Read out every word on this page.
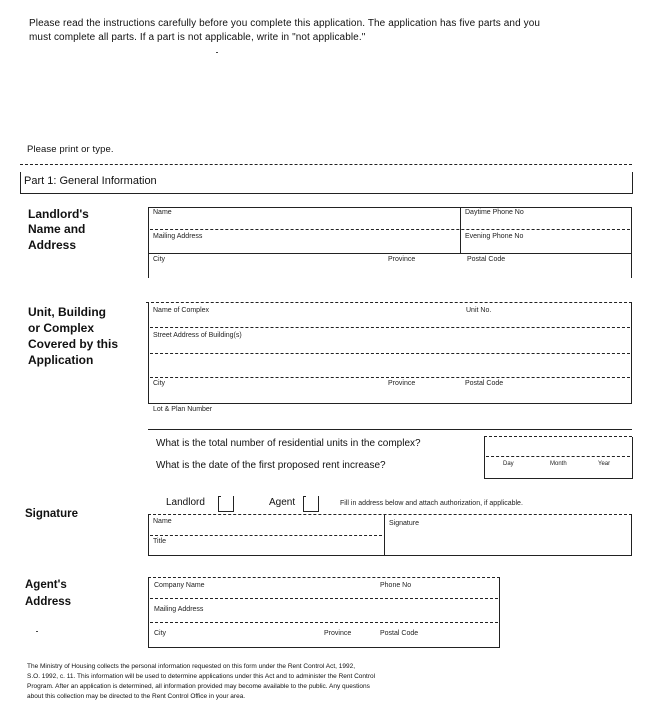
Please read the instructions carefully before you complete this application. The application has five parts and you
must complete all parts. If a part is not applicable, write in "not applicable."
Please print or type.
Part 1: General Information
Landlord's
Name and
Address
Name	Daytime Phone No
Mailing Address	Evening Phone No
City	Province	Postal Code
Unit, Building
or Complex
Covered by this
Application
Name of Complex	Unit No.
Street Address of Building(s)
City	Province	Postal Code
Lot & Plan Number
What is the total number of residential units in the complex?
What is the date of the first proposed rent increase?	Day	Month	Year
Signature
Landlord	Agent	Fill in address below and attach authorization, if applicable.
Name	Signature
Title
Agent's
Address
Company Name	Phone No
Mailing Address
City	Province	Postal Code
The Ministry of Housing collects the personal information requested on this form under the Rent Control Act, 1992,
S.O. 1992, c. 11. This information will be used to determine applications under this Act and to administer the Rent Control
Program. After an application is determined, all information provided may become available to the public. Any questions
about this collection may be directed to the Rent Control Office in your area.
